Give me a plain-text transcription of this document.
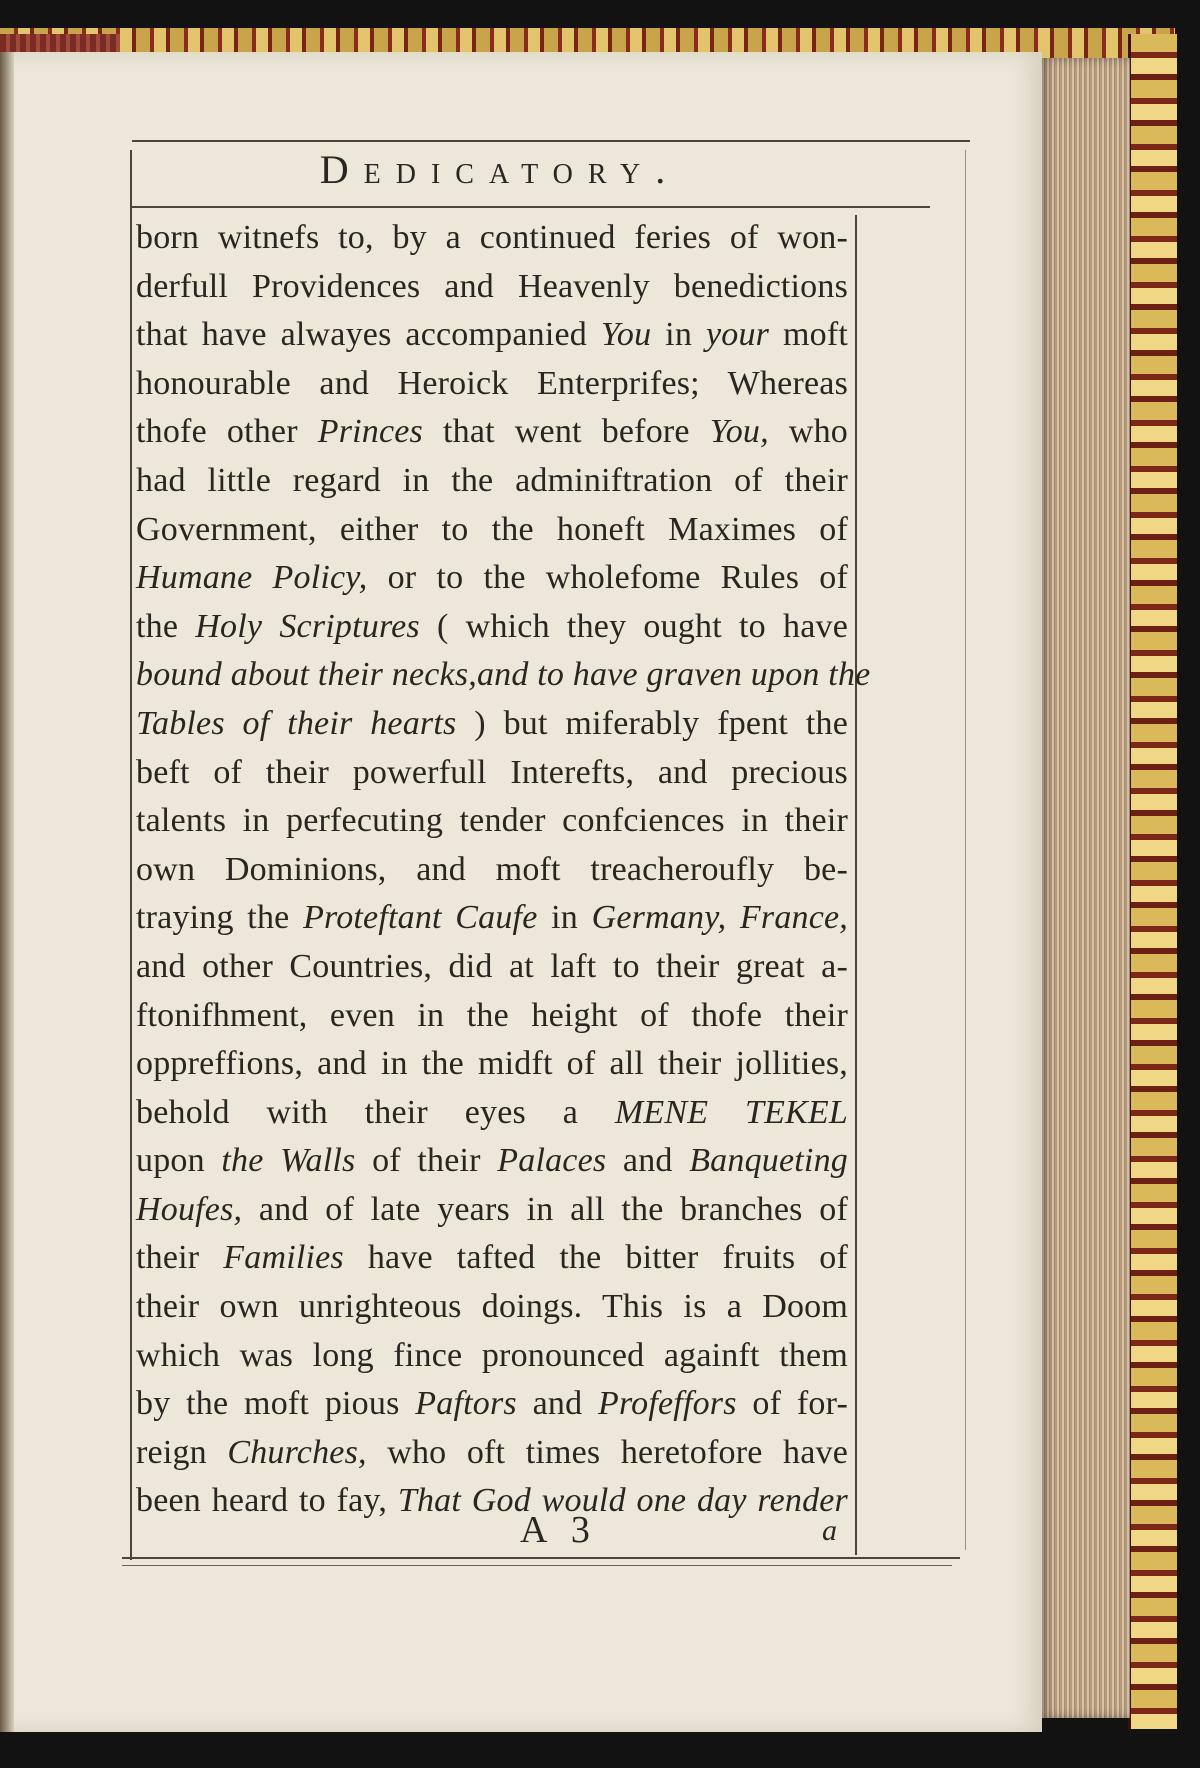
Dedicatory.
born witnefs to, by a continued feries of won-
derfull Providences and Heavenly benedictions
that have alwayes accompanied You in your moft
honourable and Heroick Enterprifes; Whereas
thofe other Princes that went before You, who
had little regard in the adminiftration of their
Government, either to the honeft Maximes of
Humane Policy, or to the wholefome Rules of
the Holy Scriptures ( which they ought to have
bound about their necks,and to have graven upon the
Tables of their hearts ) but miferably fpent the
beft of their powerfull Interefts, and precious
talents in perfecuting tender confciences in their
own Dominions, and moft treacheroufly be-
traying the Proteftant Caufe in Germany, France,
and other Countries, did at laft to their great a-
ftonifhment, even in the height of thofe their
oppreffions, and in the midft of all their jollities,
behold with their eyes a MENE TEKEL
upon the Walls of their Palaces and Banqueting
Houfes, and of late years in all the branches of
their Families have tafted the bitter fruits of
their own unrighteous doings. This is a Doom
which was long fince pronounced againft them
by the moft pious Paftors and Profeffors of for-
reign Churches, who oft times heretofore have
been heard to fay, That God would one day render
A 3	a
